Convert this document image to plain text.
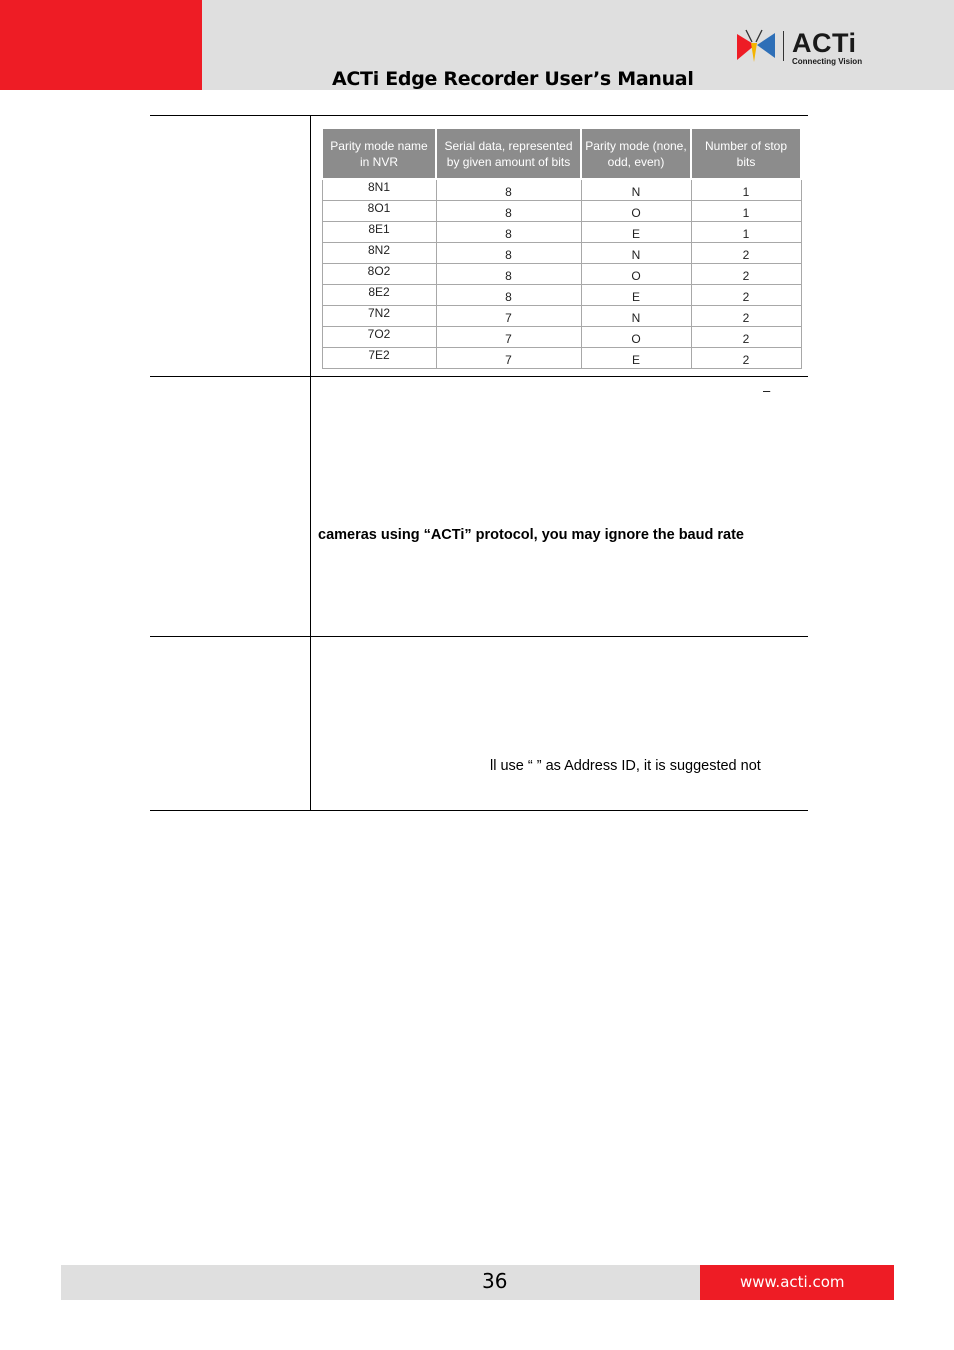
ACTi Edge Recorder User’s Manual
ACTi
Connecting Vision
Parity mode name in NVR	Serial data, represented by given amount of bits	Parity mode (none, odd, even)	Number of stop bits
8N1	8	N	1
8O1	8	O	1
8E1	8	E	1
8N2	8	N	2
8O2	8	O	2
8E2	8	E	2
7N2	7	N	2
7O2	7	O	2
7E2	7	E	2
–
cameras using “ACTi” protocol, you may ignore the baud rate
ll use “ ” as Address ID, it is suggested not
36	www.acti.com
